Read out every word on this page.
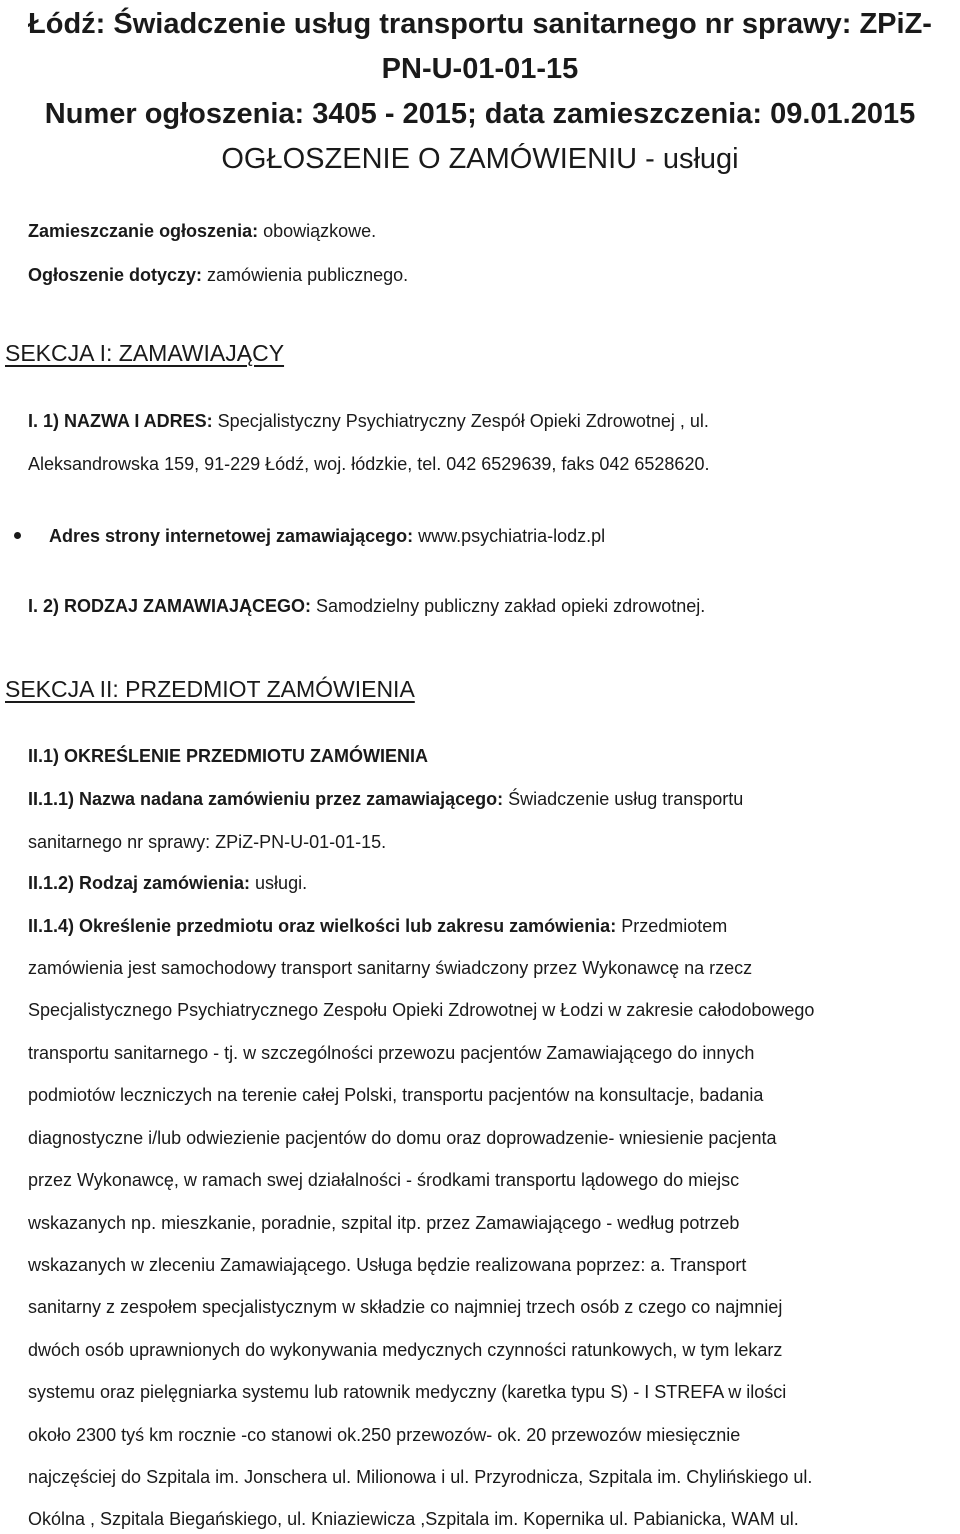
Łódź: Świadczenie usług transportu sanitarnego nr sprawy: ZPiZ-

PN-U-01-01-15

Numer ogłoszenia: 3405 - 2015; data zamieszczenia: 09.01.2015

OGŁOSZENIE O ZAMÓWIENIU - usługi

Zamieszczanie ogłoszenia: obowiązkowe.

Ogłoszenie dotyczy: zamówienia publicznego.

SEKCJA I: ZAMAWIAJĄCY

I. 1) NAZWA I ADRES: Specjalistyczny Psychiatryczny Zespół Opieki Zdrowotnej , ul.

Aleksandrowska 159, 91-229 Łódź, woj. łódzkie, tel. 042 6529639, faks 042 6528620.

Adres strony internetowej zamawiającego: www.psychiatria-lodz.pl

I. 2) RODZAJ ZAMAWIAJĄCEGO: Samodzielny publiczny zakład opieki zdrowotnej.

SEKCJA II: PRZEDMIOT ZAMÓWIENIA

II.1) OKREŚLENIE PRZEDMIOTU ZAMÓWIENIA

II.1.1) Nazwa nadana zamówieniu przez zamawiającego: Świadczenie usług transportu

sanitarnego nr sprawy: ZPiZ-PN-U-01-01-15.

II.1.2) Rodzaj zamówienia: usługi.

II.1.4) Określenie przedmiotu oraz wielkości lub zakresu zamówienia: Przedmiotem

zamówienia jest samochodowy transport sanitarny świadczony przez Wykonawcę na rzecz

Specjalistycznego Psychiatrycznego Zespołu Opieki Zdrowotnej w Łodzi w zakresie całodobowego

transportu sanitarnego - tj. w szczególności przewozu pacjentów Zamawiającego do innych

podmiotów leczniczych na terenie całej Polski, transportu pacjentów na konsultacje, badania

diagnostyczne i/lub odwiezienie pacjentów do domu oraz doprowadzenie- wniesienie pacjenta

przez Wykonawcę, w ramach swej działalności - środkami transportu lądowego do miejsc

wskazanych np. mieszkanie, poradnie, szpital itp. przez Zamawiającego - według potrzeb

wskazanych w zleceniu Zamawiającego. Usługa będzie realizowana poprzez: a. Transport

sanitarny z zespołem specjalistycznym w składzie co najmniej trzech osób z czego co najmniej

dwóch osób uprawnionych do wykonywania medycznych czynności ratunkowych, w tym lekarz

systemu oraz pielęgniarka systemu lub ratownik medyczny (karetka typu S) - I STREFA w ilości

około 2300 tyś km rocznie -co stanowi ok.250 przewozów- ok. 20 przewozów miesięcznie

najczęściej do Szpitala im. Jonschera ul. Milionowa i ul. Przyrodnicza, Szpitala im. Chylińskiego ul.

Okólna , Szpitala Biegańskiego, ul. Kniaziewicza ,Szpitala im. Kopernika ul. Pabianicka, WAM ul.
